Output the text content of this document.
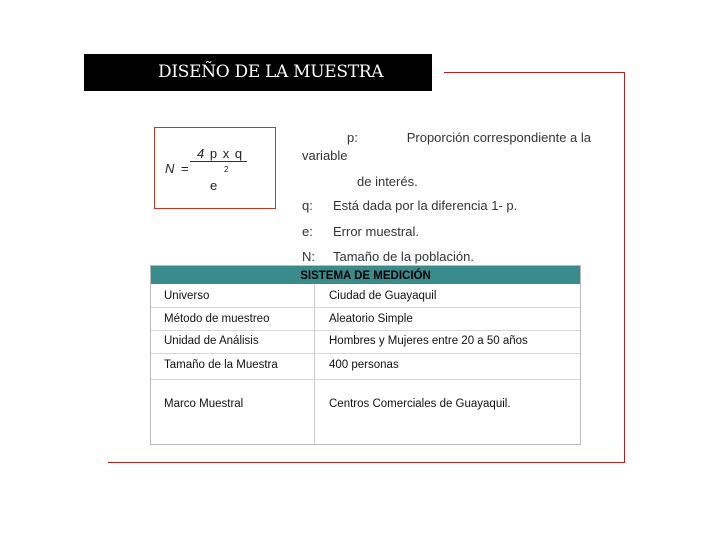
DISEÑO DE LA MUESTRA
4 p x q
N =	2
e
p:	Proporción correspondiente a la
variable
de interés.
q: Está dada por la diferencia 1- p.
e: Error muestral.
N: Tamaño de la población.
SISTEMA DE MEDICIÓN
Universo	Ciudad de Guayaquil
Método de muestreo	Aleatorio Simple
Unidad de Análisis	Hombres y Mujeres entre 20 a 50 años
Tamaño de la Muestra	400 personas
Marco Muestral	Centros Comerciales de Guayaquil.
